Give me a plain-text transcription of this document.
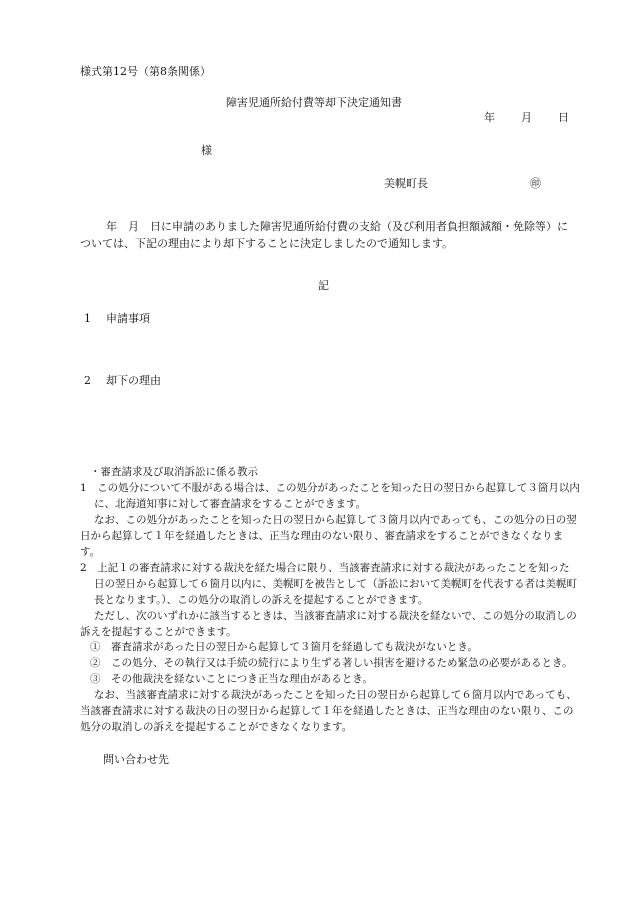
様式第12号（第8条関係）
障害児通所給付費等却下決定通知書
年 月 日
様
美幌町長	㊞
年　月　日に申請のありました障害児通所給付費の支給（及び利用者負担額減額・免除等）については、下記の理由により却下することに決定しましたので通知します。
記
1 申請事項
2 却下の理由

・審査請求及び取消訴訟に係る教示

1　この処分について不服がある場合は、この処分があったことを知った日の翌日から起算して３箇月以内に、北海道知事に対して審査請求をすることができます。

なお、この処分があったことを知った日の翌日から起算して３箇月以内であっても、この処分の日の翌日から起算して１年を経過したときは、正当な理由のない限り、審査請求をすることができなくなります。

2　上記１の審査請求に対する裁決を経た場合に限り、当該審査請求に対する裁決があったことを知った日の翌日から起算して６箇月以内に、美幌町を被告として（訴訟において美幌町を代表する者は美幌町長となります。）、この処分の取消しの訴えを提起することができます。

ただし、次のいずれかに該当するときは、当該審査請求に対する裁決を経ないで、この処分の取消しの訴えを提起することができます。

①　審査請求があった日の翌日から起算して３箇月を経過しても裁決がないとき。

②　この処分、その執行又は手続の続行により生ずる著しい損害を避けるため緊急の必要があるとき。

③　その他裁決を経ないことにつき正当な理由があるとき。

なお、当該審査請求に対する裁決があったことを知った日の翌日から起算して６箇月以内であっても、当該審査請求に対する裁決の日の翌日から起算して１年を経過したときは、正当な理由のない限り、この処分の取消しの訴えを提起することができなくなります。

問い合わせ先
